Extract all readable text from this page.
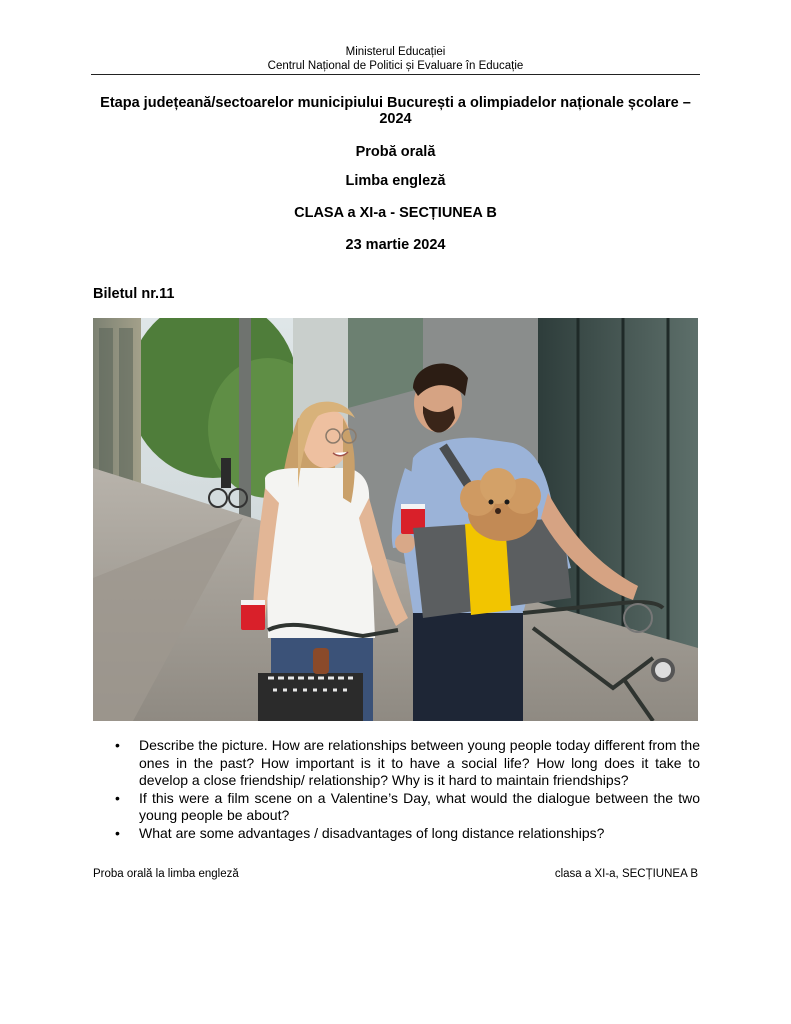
Ministerul Educației
Centrul Național de Politici și Evaluare în Educație

Etapa județeană/sectoarelor municipiului București a olimpiadelor naționale școlare – 2024

Probă orală

Limba engleză

CLASA a XI-a - SECȚIUNEA B

23 martie 2024

Biletul nr.11
• Describe the picture. How are relationships between young people today different from the ones in the past? How important is it to have a social life? How long does it take to develop a close friendship/ relationship? Why is it hard to maintain friendships?
• If this were a film scene on a Valentine’s Day, what would the dialogue between the two young people be about?
• What are some advantages / disadvantages of long distance relationships?
Proba orală la limba engleză	clasa a XI-a, SECȚIUNEA B
